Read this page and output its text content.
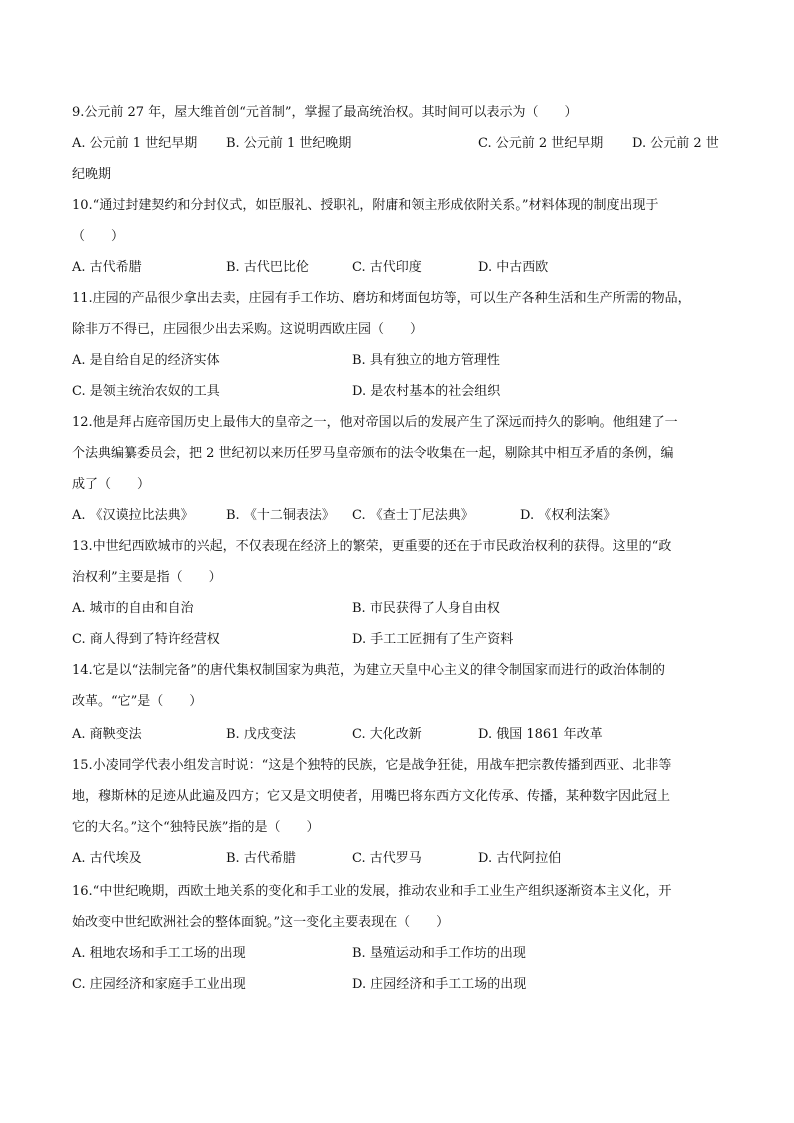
9.公元前 27 年，屋大维首创“元首制”，掌握了最高统治权。其时间可以表示为（　　）
A. 公元前 1 世纪早期 B. 公元前 1 世纪晚期	C. 公元前 2 世纪早期 D. 公元前 2 世
纪晚期
10.“通过封建契约和分封仪式，如臣服礼、授职礼，附庸和领主形成依附关系。”材料体现的制度出现于
（　　）
A. 古代希腊	B. 古代巴比伦	C. 古代印度	D. 中古西欧
11.庄园的产品很少拿出去卖，庄园有手工作坊、磨坊和烤面包坊等，可以生产各种生活和生产所需的物品，
除非万不得已，庄园很少出去采购。这说明西欧庄园（　　）
A. 是自给自足的经济实体	B. 具有独立的地方管理性
C. 是领主统治农奴的工具	D. 是农村基本的社会组织
12.他是拜占庭帝国历史上最伟大的皇帝之一，他对帝国以后的发展产生了深远而持久的影响。他组建了一
个法典编纂委员会，把 2 世纪初以来历任罗马皇帝颁布的法令收集在一起，剔除其中相互矛盾的条例，编
成了（　　）
A. 《汉谟拉比法典》 B. 《十二铜表法》 C. 《查士丁尼法典》	D. 《权利法案》
13.中世纪西欧城市的兴起，不仅表现在经济上的繁荣，更重要的还在于市民政治权利的获得。这里的“政
治权利”主要是指（　　）
A. 城市的自由和自治	B. 市民获得了人身自由权
C. 商人得到了特许经营权	D. 手工工匠拥有了生产资料
14.它是以“法制完备”的唐代集权制国家为典范，为建立天皇中心主义的律令制国家而进行的政治体制的
改革。“它”是（　　）
A. 商鞅变法	B. 戊戌变法	C. 大化改新	D. 俄国 1861 年改革
15.小凌同学代表小组发言时说：“这是个独特的民族，它是战争狂徒，用战车把宗教传播到西亚、北非等
地，穆斯林的足迹从此遍及四方；它又是文明使者，用嘴巴将东西方文化传承、传播，某种数字因此冠上
它的大名。”这个“独特民族”指的是（　　）
A. 古代埃及	B. 古代希腊	C. 古代罗马	D. 古代阿拉伯
16.“中世纪晚期，西欧土地关系的变化和手工业的发展，推动农业和手工业生产组织逐渐资本主义化，开
始改变中世纪欧洲社会的整体面貌。”这一变化主要表现在（　　）
A. 租地农场和手工工场的出现	B. 垦殖运动和手工作坊的出现
C. 庄园经济和家庭手工业出现	D. 庄园经济和手工工场的出现
